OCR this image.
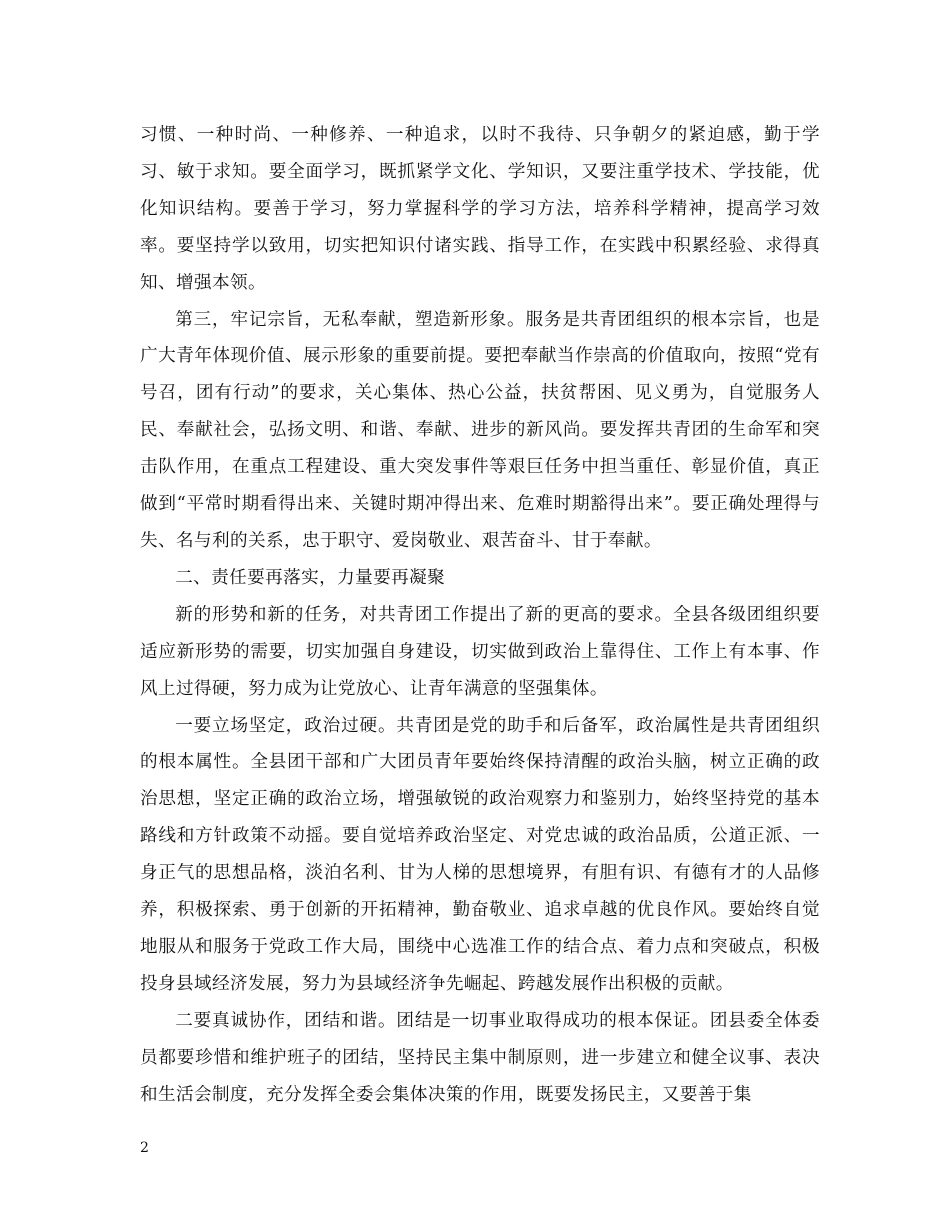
习惯、一种时尚、一种修养、一种追求，以时不我待、只争朝夕的紧迫感，勤于学习、敏于求知。要全面学习，既抓紧学文化、学知识，又要注重学技术、学技能，优化知识结构。要善于学习，努力掌握科学的学习方法，培养科学精神，提高学习效率。要坚持学以致用，切实把知识付诸实践、指导工作，在实践中积累经验、求得真知、增强本领。

第三，牢记宗旨，无私奉献，塑造新形象。服务是共青团组织的根本宗旨，也是广大青年体现价值、展示形象的重要前提。要把奉献当作崇高的价值取向，按照“党有号召，团有行动”的要求，关心集体、热心公益，扶贫帮困、见义勇为，自觉服务人民、奉献社会，弘扬文明、和谐、奉献、进步的新风尚。要发挥共青团的生命军和突击队作用，在重点工程建设、重大突发事件等艰巨任务中担当重任、彰显价值，真正做到“平常时期看得出来、关键时期冲得出来、危难时期豁得出来”。要正确处理得与失、名与利的关系，忠于职守、爱岗敬业、艰苦奋斗、甘于奉献。

二、责任要再落实，力量要再凝聚

新的形势和新的任务，对共青团工作提出了新的更高的要求。全县各级团组织要适应新形势的需要，切实加强自身建设，切实做到政治上靠得住、工作上有本事、作风上过得硬，努力成为让党放心、让青年满意的坚强集体。

一要立场坚定，政治过硬。共青团是党的助手和后备军，政治属性是共青团组织的根本属性。全县团干部和广大团员青年要始终保持清醒的政治头脑，树立正确的政治思想，坚定正确的政治立场，增强敏锐的政治观察力和鉴别力，始终坚持党的基本路线和方针政策不动摇。要自觉培养政治坚定、对党忠诚的政治品质，公道正派、一身正气的思想品格，淡泊名利、甘为人梯的思想境界，有胆有识、有德有才的人品修养，积极探索、勇于创新的开拓精神，勤奋敬业、追求卓越的优良作风。要始终自觉地服从和服务于党政工作大局，围绕中心选准工作的结合点、着力点和突破点，积极投身县域经济发展，努力为县域经济争先崛起、跨越发展作出积极的贡献。

二要真诚协作，团结和谐。团结是一切事业取得成功的根本保证。团县委全体委员都要珍惜和维护班子的团结，坚持民主集中制原则，进一步建立和健全议事、表决和生活会制度，充分发挥全委会集体决策的作用，既要发扬民主，又要善于集

2
